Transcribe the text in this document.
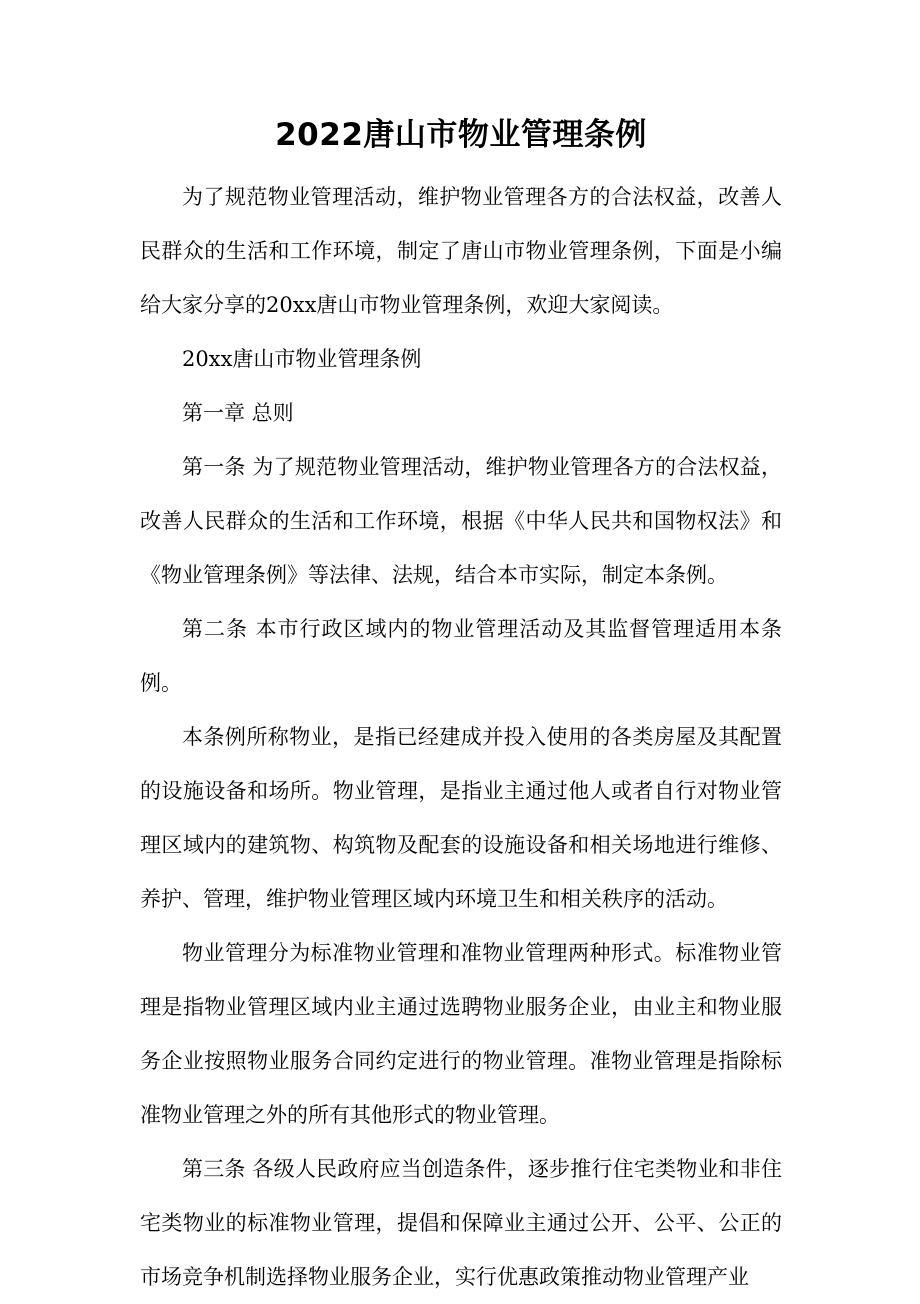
2022唐山市物业管理条例

为了规范物业管理活动，维护物业管理各方的合法权益，改善人民群众的生活和工作环境，制定了唐山市物业管理条例，下面是小编给大家分享的20xx唐山市物业管理条例，欢迎大家阅读。

20xx唐山市物业管理条例

第一章 总则

第一条 为了规范物业管理活动，维护物业管理各方的合法权益，改善人民群众的生活和工作环境，根据《中华人民共和国物权法》和《物业管理条例》等法律、法规，结合本市实际，制定本条例。

第二条 本市行政区域内的物业管理活动及其监督管理适用本条例。

本条例所称物业，是指已经建成并投入使用的各类房屋及其配置的设施设备和场所。物业管理，是指业主通过他人或者自行对物业管理区域内的建筑物、构筑物及配套的设施设备和相关场地进行维修、养护、管理，维护物业管理区域内环境卫生和相关秩序的活动。

物业管理分为标准物业管理和准物业管理两种形式。标准物业管理是指物业管理区域内业主通过选聘物业服务企业，由业主和物业服务企业按照物业服务合同约定进行的物业管理。准物业管理是指除标准物业管理之外的所有其他形式的物业管理。

第三条 各级人民政府应当创造条件，逐步推行住宅类物业和非住宅类物业的标准物业管理，提倡和保障业主通过公开、公平、公正的市场竞争机制选择物业服务企业，实行优惠政策推动物业管理产业
